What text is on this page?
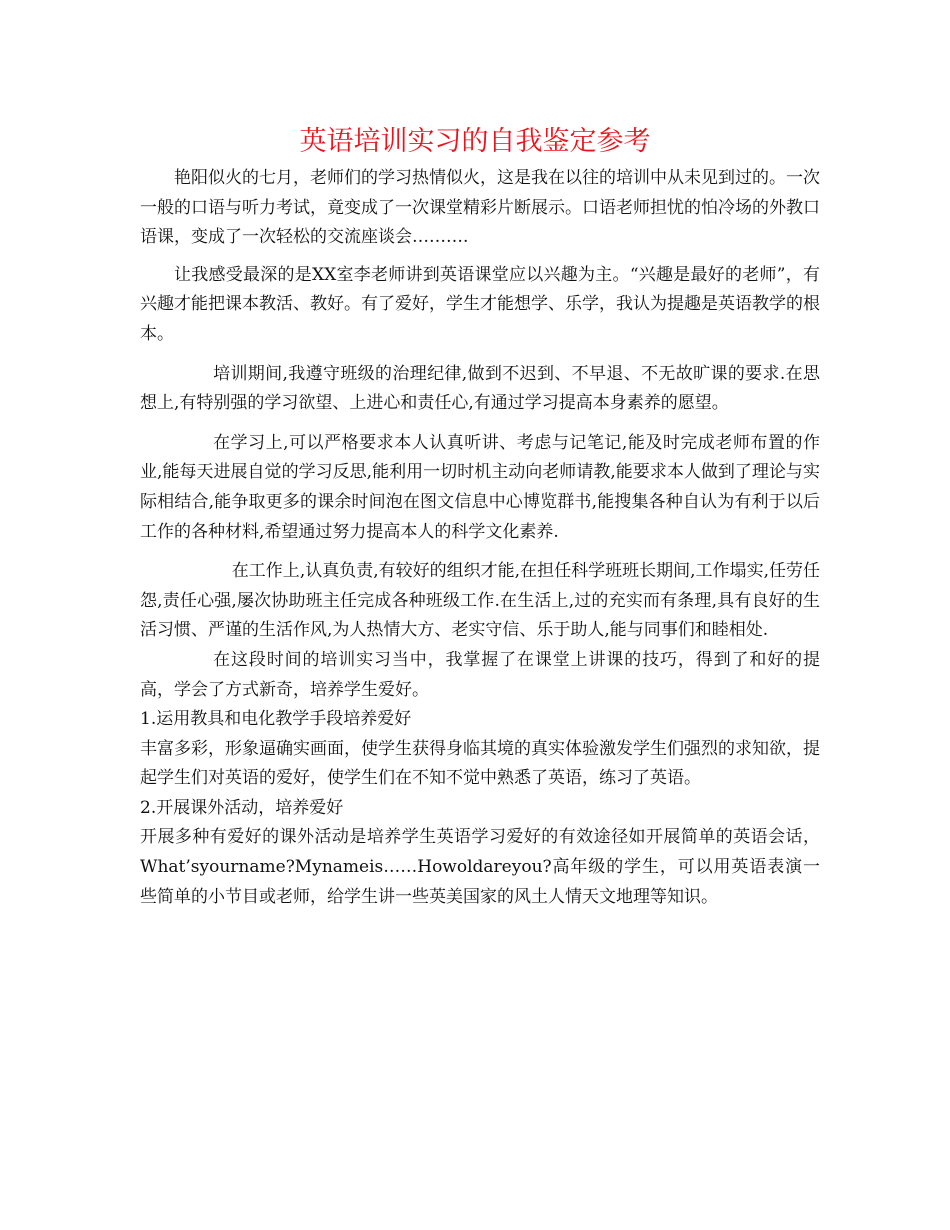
英语培训实习的自我鉴定参考

艳阳似火的七月，老师们的学习热情似火，这是我在以往的培训中从未见到过的。一次一般的口语与听力考试，竟变成了一次课堂精彩片断展示。口语老师担忧的怕冷场的外教口语课，变成了一次轻松的交流座谈会……….

让我感受最深的是XX室李老师讲到英语课堂应以兴趣为主。“兴趣是最好的老师”，有兴趣才能把课本教活、教好。有了爱好，学生才能想学、乐学，我认为提趣是英语教学的根本。

培训期间,我遵守班级的治理纪律,做到不迟到、不早退、不无故旷课的要求.在思想上,有特别强的学习欲望、上进心和责任心,有通过学习提高本身素养的愿望。

在学习上,可以严格要求本人认真听讲、考虑与记笔记,能及时完成老师布置的作业,能每天进展自觉的学习反思,能利用一切时机主动向老师请教,能要求本人做到了理论与实际相结合,能争取更多的课余时间泡在图文信息中心博览群书,能搜集各种自认为有利于以后工作的各种材料,希望通过努力提高本人的科学文化素养.

在工作上,认真负责,有较好的组织才能,在担任科学班班长期间,工作塌实,任劳任怨,责任心强,屡次协助班主任完成各种班级工作.在生活上,过的充实而有条理,具有良好的生活习惯、严谨的生活作风,为人热情大方、老实守信、乐于助人,能与同事们和睦相处.

在这段时间的培训实习当中，我掌握了在课堂上讲课的技巧，得到了和好的提高，学会了方式新奇，培养学生爱好。

1.运用教具和电化教学手段培养爱好

丰富多彩，形象逼确实画面，使学生获得身临其境的真实体验激发学生们强烈的求知欲，提起学生们对英语的爱好，使学生们在不知不觉中熟悉了英语，练习了英语。

2.开展课外活动，培养爱好

开展多种有爱好的课外活动是培养学生英语学习爱好的有效途径如开展简单的英语会话，What’syourname?Mynameis……Howoldareyou?高年级的学生，可以用英语表演一些简单的小节目或老师，给学生讲一些英美国家的风土人情天文地理等知识。
